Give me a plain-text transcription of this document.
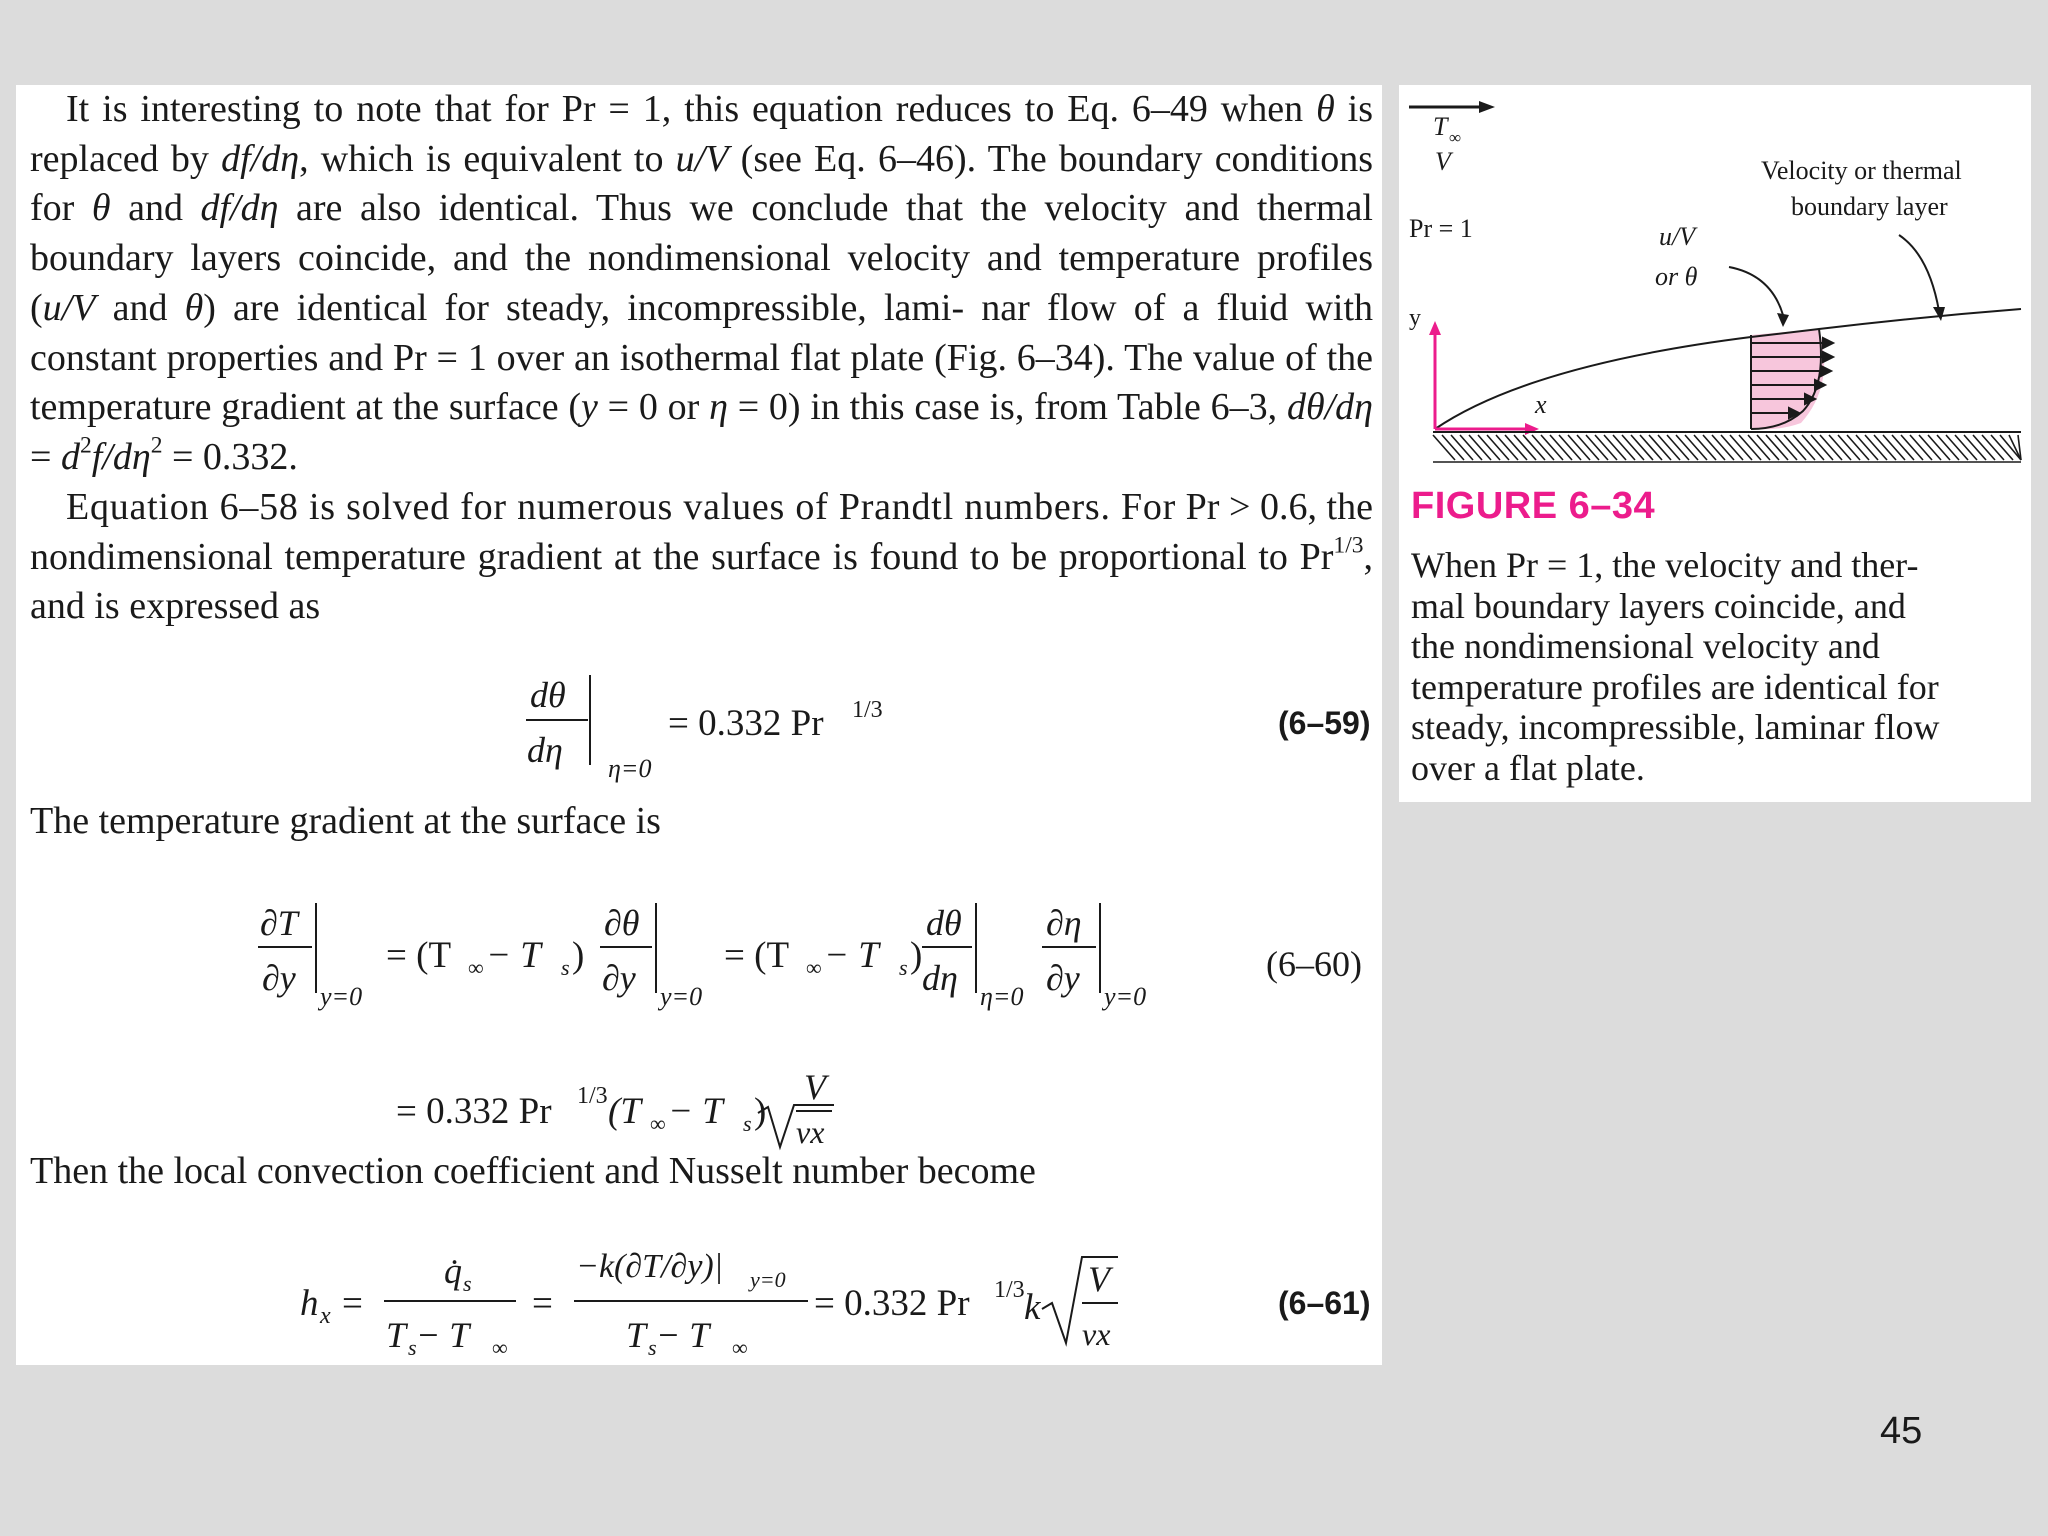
It is interesting to note that for Pr = 1, this equation reduces to Eq. 6–49 when θ is replaced by df/dη, which is equivalent to u/V (see Eq. 6–46). The boundary conditions for θ and df/dη are also identical. Thus we conclude that the velocity and thermal boundary layers coincide, and the nondimensional velocity and temperature profiles (u/V and θ) are identical for steady, incompressible, lami- nar flow of a fluid with constant properties and Pr = 1 over an isothermal flat plate (Fig. 6–34). The value of the temperature gradient at the surface (y = 0 or η = 0) in this case is, from Table 6–3, $d\theta/d\eta = d^2f/d\eta^2 = 0.332$.

Equation 6–58 is solved for numerous values of Prandtl numbers. For Pr > 0.6, the nondimensional temperature gradient at the surface is found to be proportional to $Pr^{1/3}$, and is expressed as

dθ
dη η=0
= 0.332 Pr 1/3	(6–59)

The temperature gradient at the surface is

∂T
∂y y=0
= (T ∞ − T s )
∂θ
∂y y=0
= (T ∞ − T s )
dθ
dη η=0
∂η
∂y y=0
= 0.332 Pr 1/3 (T ∞ − T s )
V
νx
(6–60)

Then the local convection coefficient and Nusselt number become

h x =
q̇ s
T s − T ∞
=
−k(∂T/∂y)| y=0
T s − T ∞
= 0.332 Pr 1/3 k
V
νx
(6–61)
T ∞
V
Pr = 1	u/V
or θ
Velocity or thermal
boundary layer
y
x

FIGURE 6–34

When Pr = 1, the velocity and ther-
mal boundary layers coincide, and
the nondimensional velocity and
temperature profiles are identical for
steady, incompressible, laminar flow
over a flat plate.

45
